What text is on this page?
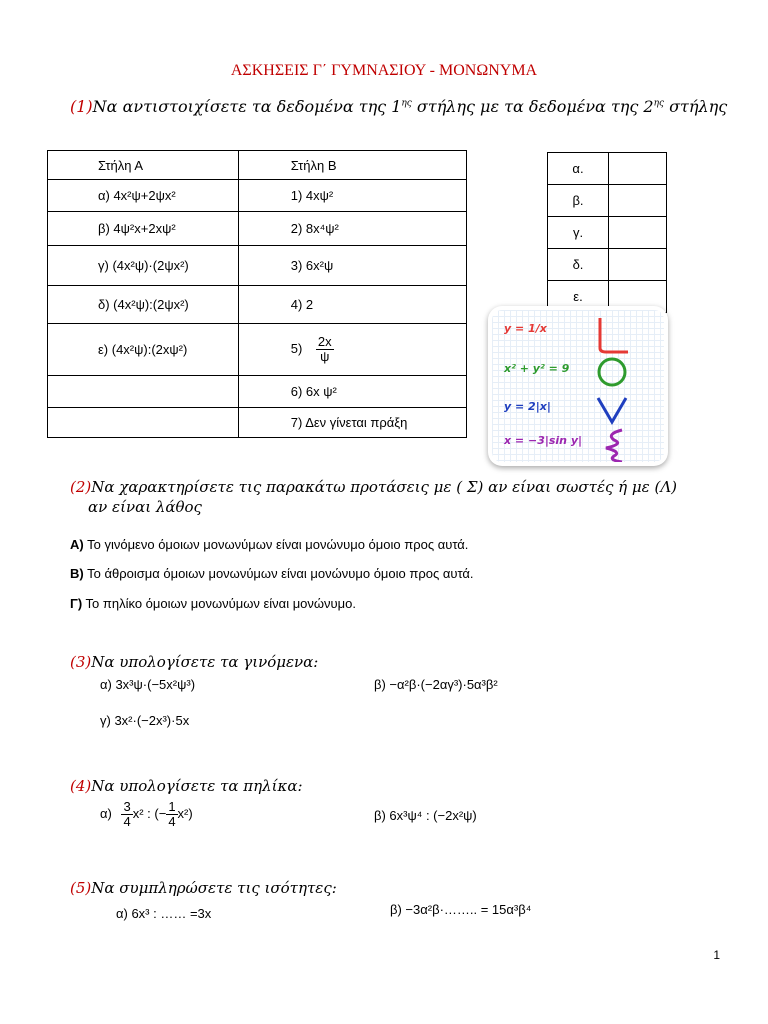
ΑΣΚΗΣΕΙΣ Γ΄ ΓΥΜΝΑΣΙΟΥ - ΜΟΝΩΝΥΜΑ
(1)Να αντιστοιχίσετε τα δεδομένα της $1^{\eta\varsigma}$ στήλης με τα δεδομένα της $2^{\eta\varsigma}$ στήλης
Στήλη Α	Στήλη Β
α) 4x²ψ+2ψx²	1) 4xψ²
β) 4ψ²x+2xψ²	2) 8x⁴ψ²
γ) (4x²ψ)·(2ψx²)	3) 6x²ψ
δ) (4x²ψ):(2ψx²)	4) 2
ε) (4x²ψ):(2xψ²)	$5) \frac{2x}{\psi}$

	6) 6x ψ²
	7) Δεν γίνεται πράξη
α.	
β.	
γ.	
δ.	
ε.	
y = 1/x
x² + y² = 9
y = 2|x|
x = −3|sin y|
(2)Να χαρακτηρίσετε τις παρακάτω προτάσεις με ( Σ) αν είναι σωστές ή με (Λ)
αν είναι λάθος
Α) Το γινόμενο όμοιων μονωνύμων είναι μονώνυμο όμοιο προς αυτά.
Β) Το άθροισμα όμοιων μονωνύμων είναι μονώνυμο όμοιο προς αυτά.
Γ) Το πηλίκο όμοιων μονωνύμων είναι μονώνυμο.
(3)Να υπολογίσετε τα γινόμενα:
α) 3x³ψ·(−5x²ψ³)	β) −α²β·(−2αγ³)·5α³β²
γ) 3x²·(−2x³)·5x
(4)Να υπολογίσετε τα πηλίκα:
$\alpha) \frac{3}{4} x^2$ : (− $\frac{1}{4} x^2$)	β) 6x³ψ⁴ : (−2x²ψ)
(5)Να συμπληρώσετε τις ισότητες:
α) 6x³ : …… =3x	β) −3α²β·…….. = 15α³β⁴
1
